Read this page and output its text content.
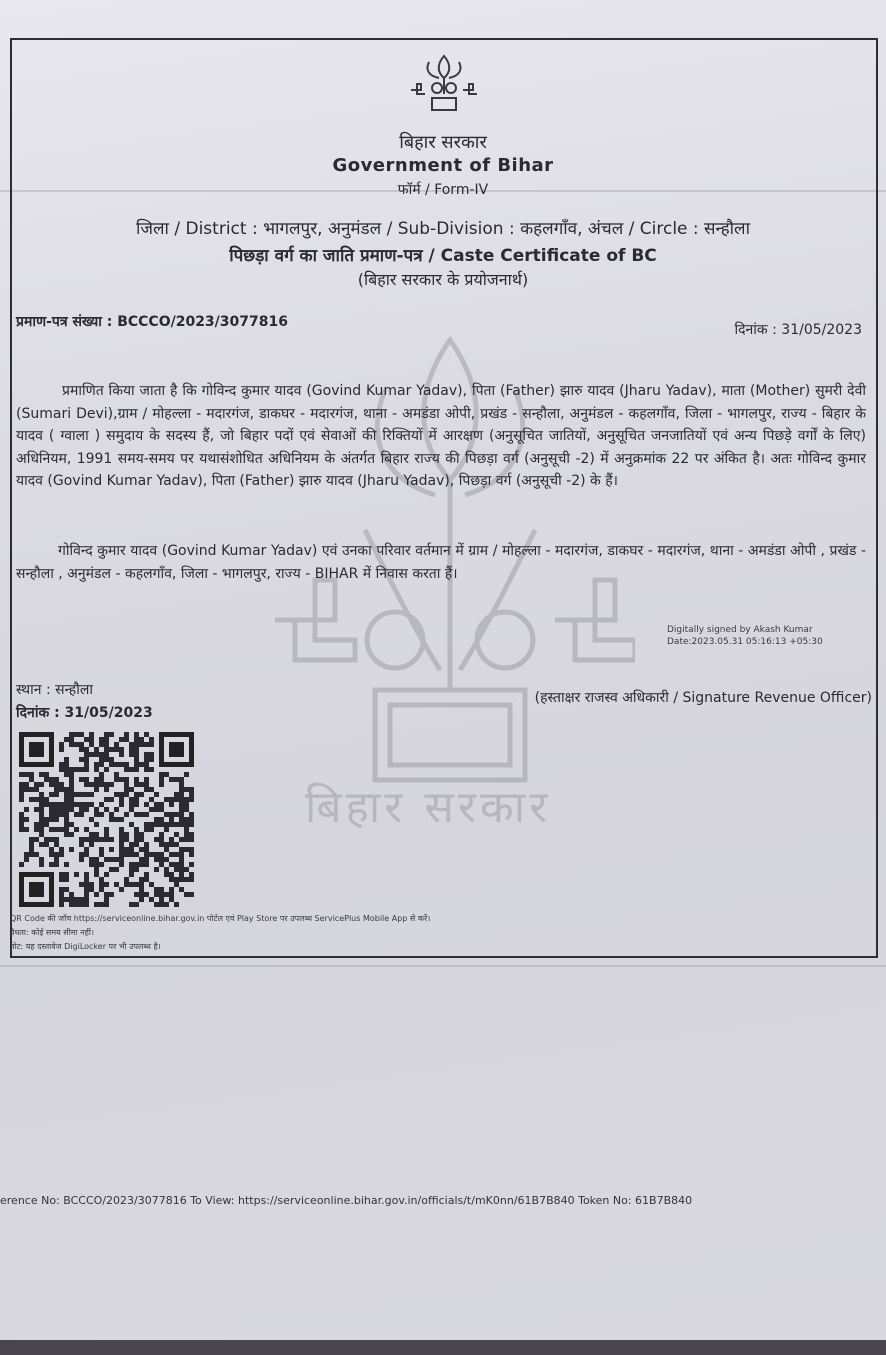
बिहार सरकार
बिहार सरकार
Government of Bihar
फॉर्म / Form-IV
जिला / District : भागलपुर, अनुमंडल / Sub-Division : कहलगाँव, अंचल / Circle : सन्हौला
पिछड़ा वर्ग का जाति प्रमाण-पत्र / Caste Certificate of BC
(बिहार सरकार के प्रयोजनार्थ)
प्रमाण-पत्र संख्या : BCCCO/2023/3077816	दिनांक : 31/05/2023
प्रमाणित किया जाता है कि गोविन्द कुमार यादव (Govind Kumar Yadav), पिता (Father) झारु यादव (Jharu Yadav), माता (Mother) सुमरी देवी (Sumari Devi),ग्राम / मोहल्ला - मदारगंज, डाकघर - मदारगंज, थाना - अमडंडा ओपी, प्रखंड - सन्हौला, अनुमंडल - कहलगाँव, जिला - भागलपुर, राज्य - बिहार के यादव ( ग्वाला ) समुदाय के सदस्य हैं, जो बिहार पदों एवं सेवाओं की रिक्तियों में आरक्षण (अनुसूचित जातियों, अनुसूचित जनजातियों एवं अन्य पिछड़े वर्गों के लिए) अधिनियम, 1991 समय-समय पर यथासंशोधित अधिनियम के अंतर्गत बिहार राज्य की पिछड़ा वर्ग (अनुसूची -2) में अनुक्रमांक 22 पर अंकित है। अतः गोविन्द कुमार यादव (Govind Kumar Yadav), पिता (Father) झारु यादव (Jharu Yadav), पिछड़ा वर्ग (अनुसूची -2) के हैं।
गोविन्द कुमार यादव (Govind Kumar Yadav) एवं उनका परिवार वर्तमान में ग्राम / मोहल्ला - मदारगंज, डाकघर - मदारगंज, थाना - अमडंडा ओपी , प्रखंड - सन्हौला , अनुमंडल - कहलगाँव, जिला - भागलपुर, राज्य - BIHAR में निवास करता हैं।
Digitally signed by Akash Kumar
Date:2023.05.31 05:16:13 +05:30
स्थान : सन्हौला
दिनांक : 31/05/2023
(हस्ताक्षर राजस्व अधिकारी / Signature Revenue Officer)
QR Code की जाँच https://serviceonline.bihar.gov.in पोर्टल एवं Play Store पर उपलब्ध ServicePlus Mobile App से करें।
वैधता: कोई समय सीमा नहीं।
नोट: यह दस्तावेज DigiLocker पर भी उपलब्ध है।
erence No: BCCCO/2023/3077816 To View: https://serviceonline.bihar.gov.in/officials/t/mK0nn/61B7B840 Token No: 61B7B840
